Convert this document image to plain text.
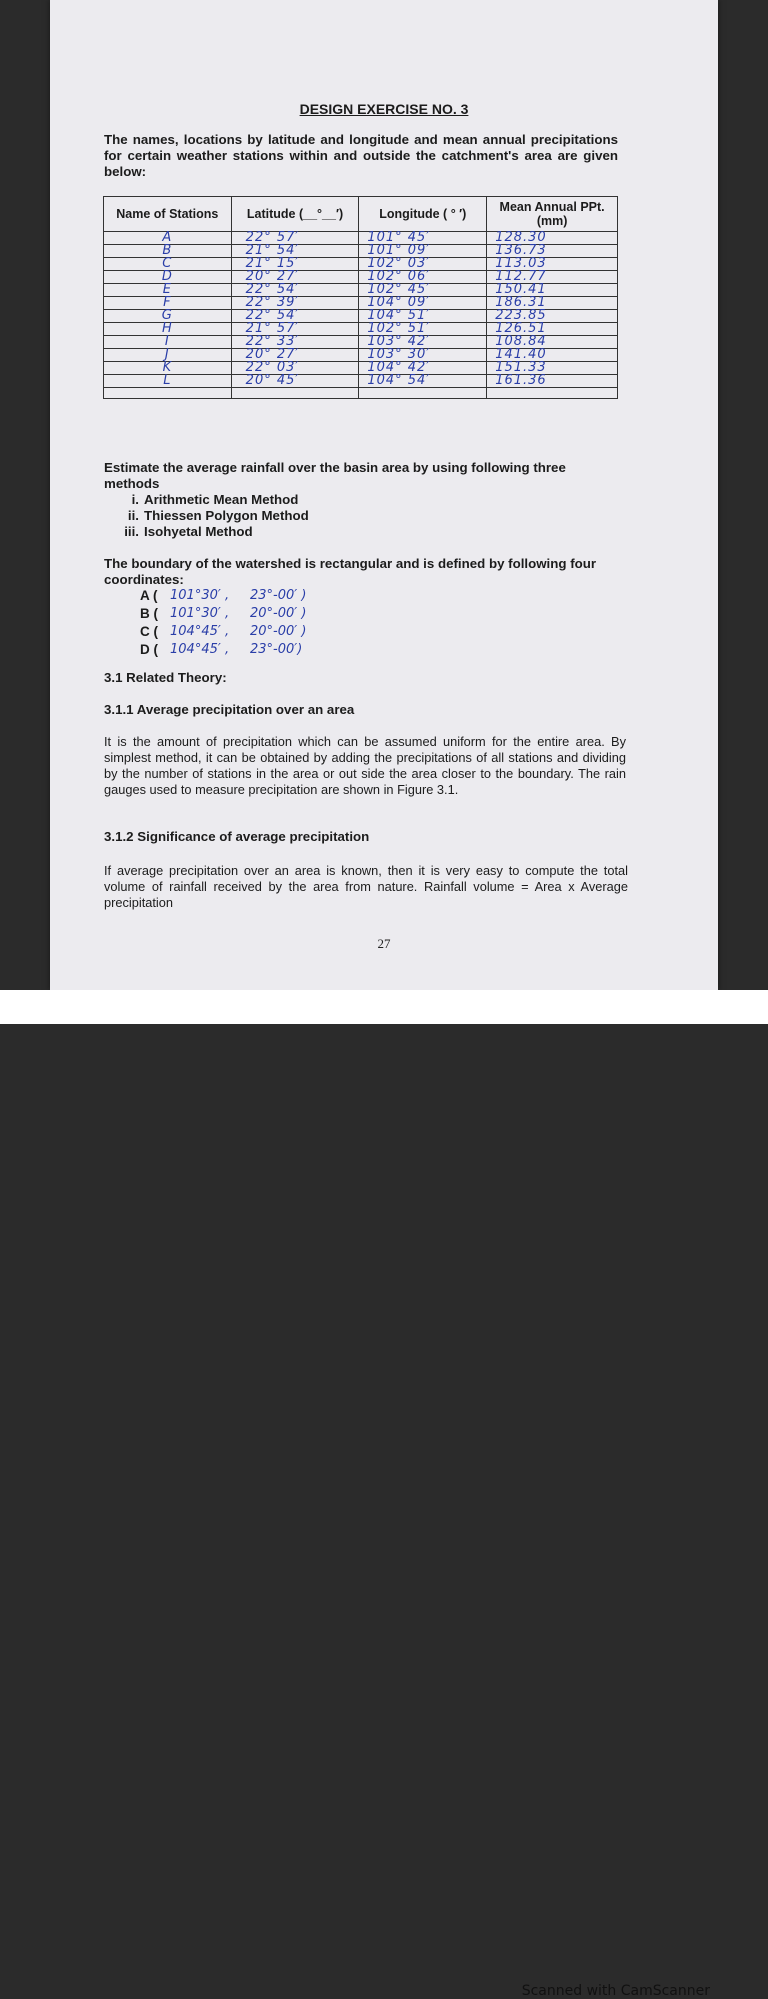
DESIGN EXERCISE NO. 3
The names, locations by latitude and longitude and mean annual precipitations for certain weather stations within and outside the catchment's area are given below:
Name of Stations	Latitude (__°__′)	Longitude ( ° ′)	Mean Annual PPt. (mm)
A	22° 57′	101° 45′	128.30
B	21° 54′	101° 09′	136.73
C	21° 15′	102° 03′	113.03
D	20° 27′	102° 06′	112.77
E	22° 54′	102° 45′	150.41
F	22° 39′	104° 09′	186.31
G	22° 54′	104° 51′	223.85
H	21° 57′	102° 51′	126.51
I	22° 33′	103° 42′	108.84
J	20° 27′	103° 30′	141.40
K	22° 03′	104° 42′	151.33
L	20° 45′	104° 54′	161.36

Estimate the average rainfall over the basin area by using following three methods
i. Arithmetic Mean Method
ii. Thiessen Polygon Method
iii. Isohyetal Method
The boundary of the watershed is rectangular and is defined by following four coordinates:
A ( 101°30′ , 23°-00′ )
B ( 101°30′ , 20°-00′ )
C ( 104°45′ , 20°-00′ )
D ( 104°45′ , 23°-00′)
3.1 Related Theory:
3.1.1 Average precipitation over an area
It is the amount of precipitation which can be assumed uniform for the entire area. By simplest method, it can be obtained by adding the precipitations of all stations and dividing by the number of stations in the area or out side the area closer to the boundary. The rain gauges used to measure precipitation are shown in Figure 3.1.
3.1.2 Significance of average precipitation
If average precipitation over an area is known, then it is very easy to compute the total volume of rainfall received by the area from nature. Rainfall volume = Area x Average precipitation
27
Scanned with CamScanner
